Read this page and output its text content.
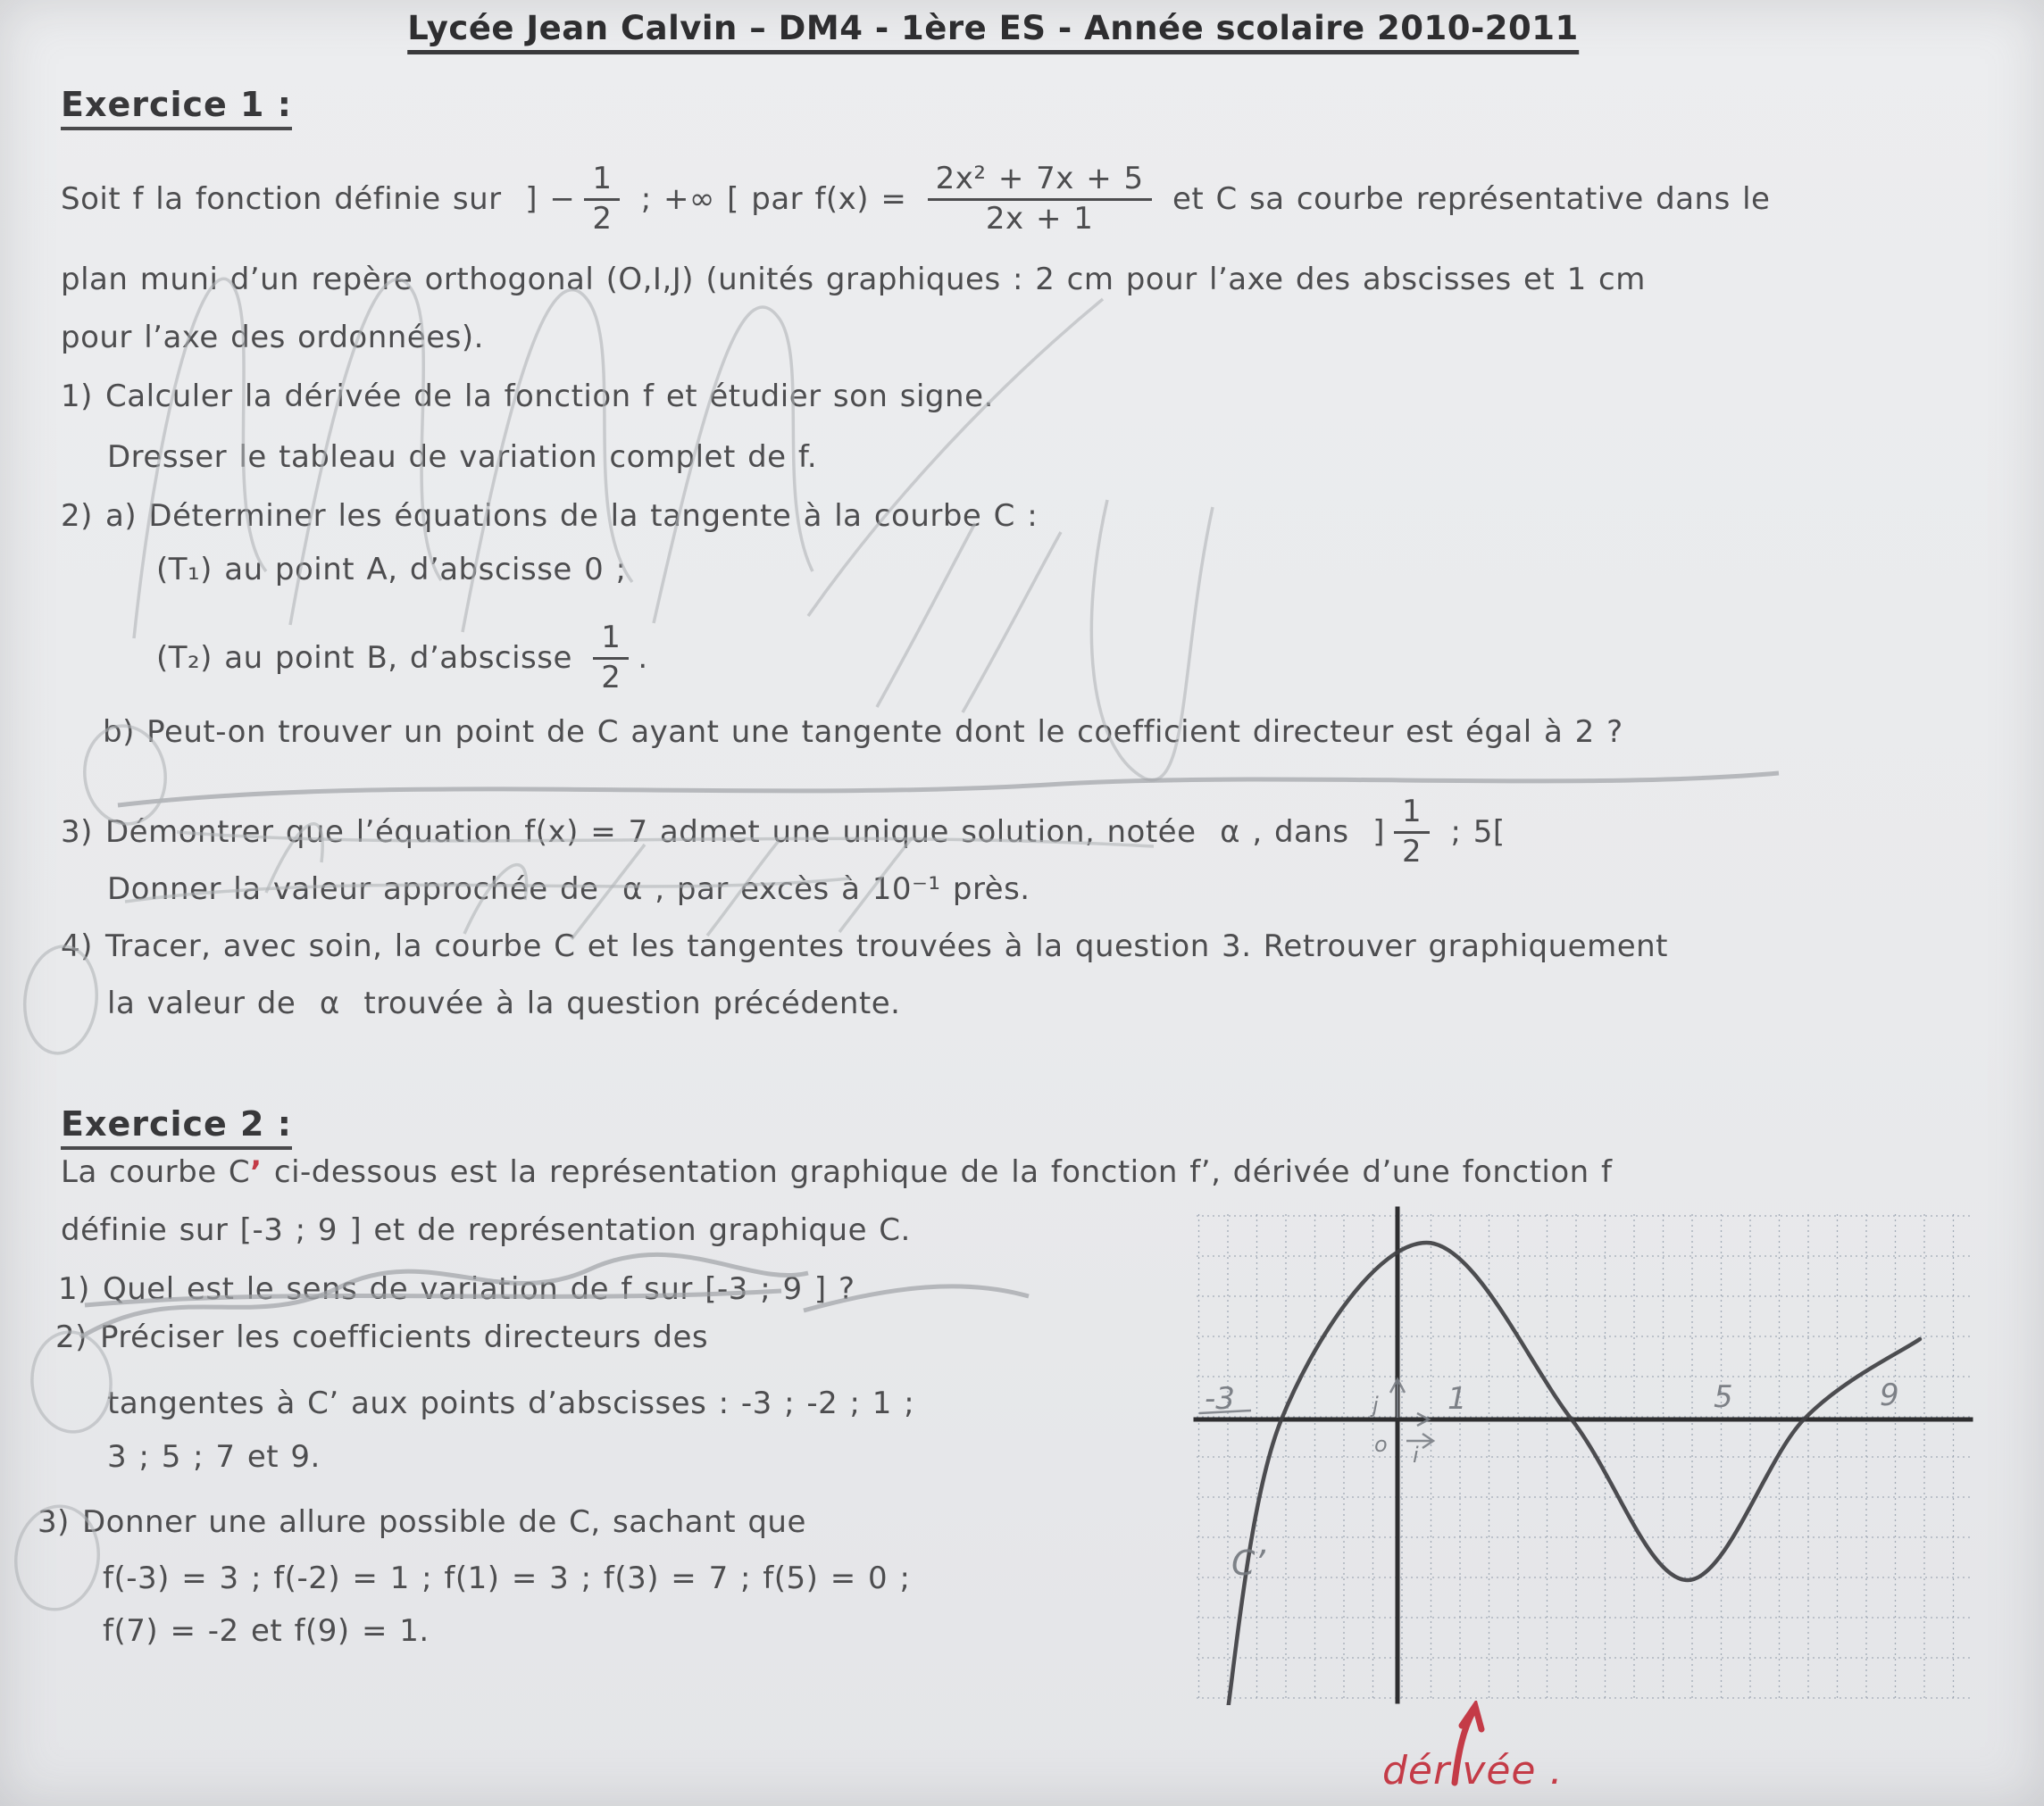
Lycée Jean Calvin – DM4 - 1ère ES - Année scolaire 2010-2011
Exercice 1 :
Soit f la fonction définie sur  ] − $\frac{1}{2}$ ; +∞ [ par $f(x) = \frac{\text{2x² + 7x + 5}}{2x + 1}$ et C sa courbe représentative dans le
plan muni d’un repère orthogonal (O,I,J) (unités graphiques : 2 cm pour l’axe des abscisses et 1 cm
pour l’axe des ordonnées).
1) Calculer la dérivée de la fonction f et étudier son signe.
Dresser le tableau de variation complet de f.
2) a) Déterminer les équations de la tangente à la courbe C :
(T₁) au point A, d’abscisse 0 ;
(T₂) au point B, d’abscisse $\frac{1}{2}$ .
b) Peut-on trouver un point de C ayant une tangente dont le coefficient directeur est égal à 2 ?
3) Démontrer que l’équation f(x) = 7 admet une unique solution, notée  α , dans  ] $\frac{1}{2}$ ; 5[
Donner la valeur approchée de  α , par excès à 10⁻¹ près.
4) Tracer, avec soin, la courbe C et les tangentes trouvées à la question 3. Retrouver graphiquement
la valeur de  α  trouvée à la question précédente.
Exercice 2 :
La courbe C’ ci-dessous est la représentation graphique de la fonction f’, dérivée d’une fonction f
définie sur [-3 ; 9 ] et de représentation graphique C.
1) Quel est le sens de variation de f sur [-3 ; 9 ] ?
2) Préciser les coefficients directeurs des
tangentes à C’ aux points d’abscisses : -3 ; -2 ; 1 ;
3 ; 5 ; 7 et 9.
3) Donner une allure possible de C, sachant que
f(-3) = 3 ; f(-2) = 1 ; f(1) = 3 ; f(3) = 7 ; f(5) = 0 ;
f(7) = -2 et f(9) = 1.
-3	1	5	9
o
j
i
C’
dérivée .
